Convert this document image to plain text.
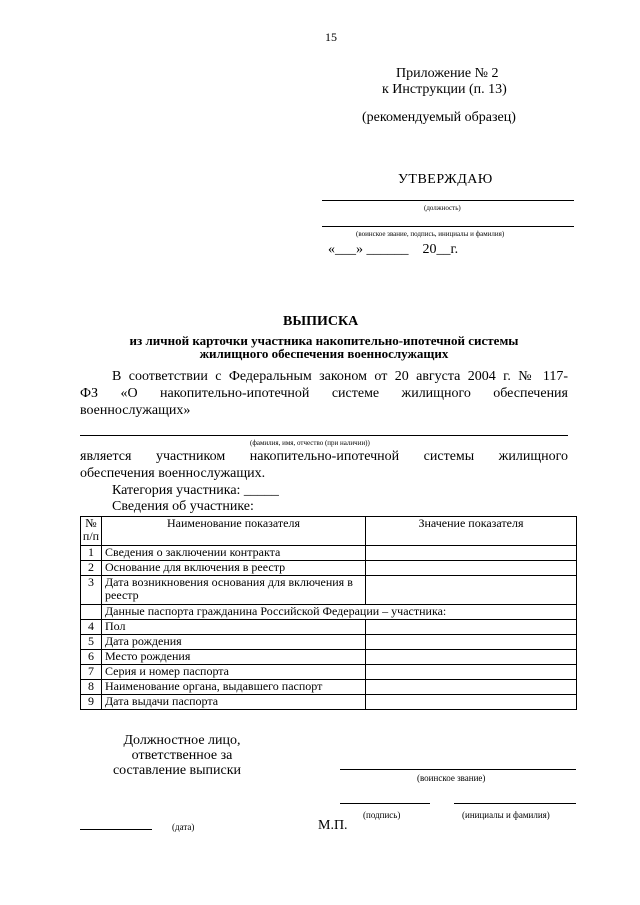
15
Приложение № 2
к Инструкции (п. 13)
(рекомендуемый образец)
УТВЕРЖДАЮ
(должность)
(воинское звание, подпись, инициалы и фамилия)
«___» ______    20__г.
ВЫПИСКА
из личной карточки участника накопительно-ипотечной системы
жилищного обеспечения военнослужащих
В соответствии с Федеральным законом от 20 августа 2004 г. № 117-
ФЗ «О накопительно-ипотечной системе жилищного обеспечения
военнослужащих»
(фамилия, имя, отчество (при наличии))
является участником накопительно-ипотечной системы жилищного
обеспечения военнослужащих.
Категория участника: _____
Сведения об участнике:
№ п/п	Наименование показателя	Значение показателя
1	Сведения о заключении контракта	
2	Основание для включения в реестр	
3	Дата возникновения основания для включения в реестр	
	Данные паспорта гражданина Российской Федерации – участника:	
4	Пол	
5	Дата рождения	
6	Место рождения	
7	Серия и номер паспорта	
8	Наименование органа, выдавшего паспорт	
9	Дата выдачи паспорта	
Должностное лицо,
ответственное за
составление выписки	(воинское звание)
(подпись)	(инициалы и фамилия)
(дата)	М.П.
